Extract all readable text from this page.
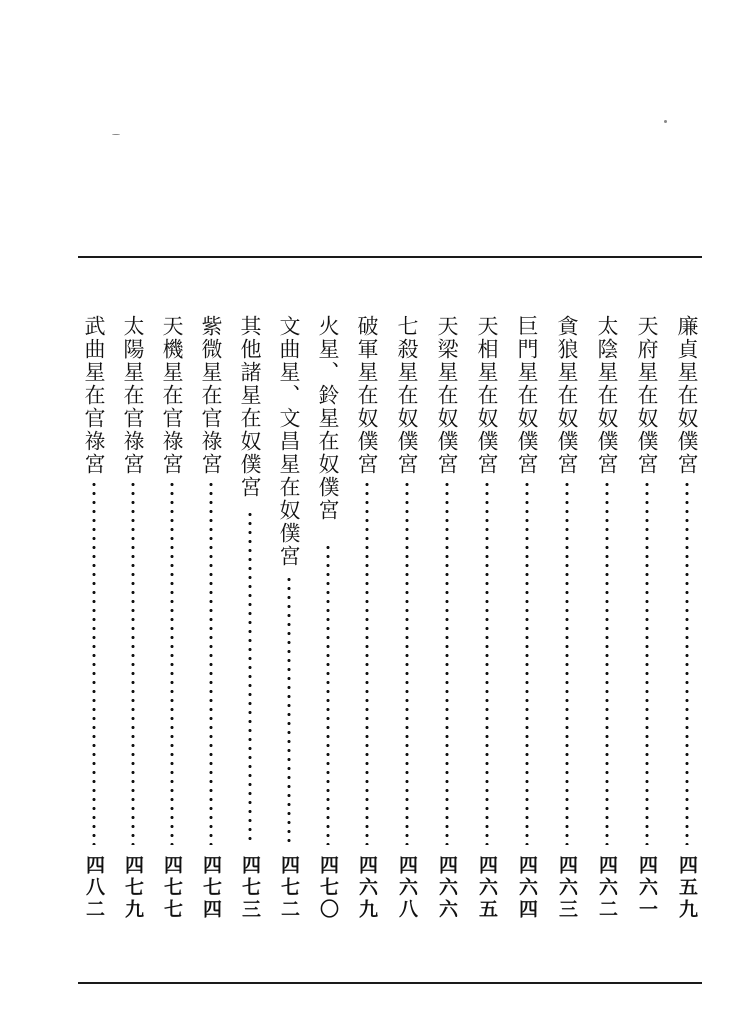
廉貞星在奴僕宮
四五九
天府星在奴僕宮
四六一
太陰星在奴僕宮
四六二
貪狼星在奴僕宮
四六三
巨門星在奴僕宮
四六四
天相星在奴僕宮
四六五
天梁星在奴僕宮
四六六
七殺星在奴僕宮
四六八
破軍星在奴僕宮
四六九
火星、鈴星在奴僕宮
四七〇
文曲星、文昌星在奴僕宮
四七二
其他諸星在奴僕宮
四七三
紫微星在官祿宮
四七四
天機星在官祿宮
四七七
太陽星在官祿宮
四七九
武曲星在官祿宮
四八二
